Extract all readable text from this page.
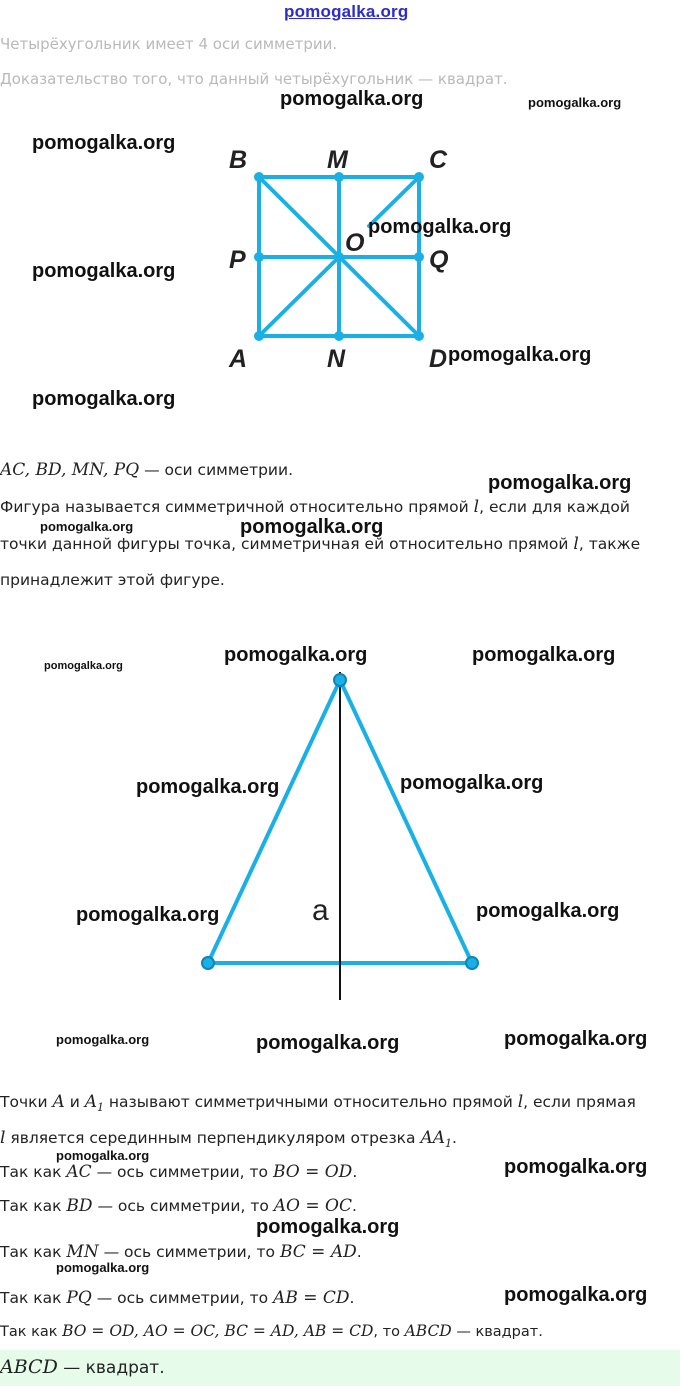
pomogalka.org
Четырёхугольник имеет 4 оси симметрии.
Доказательство того, что данный четырёхугольник — квадрат.
B	M	C
P
O
Q
A	N	D
AC, BD, MN, PQ — оси симметрии.
Фигура называется симметричной относительно прямой l, если для каждой
точки данной фигуры точка, симметричная ей относительно прямой l, также
принадлежит этой фигуре.
a
Точки A и $A_1$ называют симметричными относительно прямой l, если прямая
l является серединным перпендикуляром отрезка $AA_1$.
Так как AC — ось симметрии, то BO = OD.
Так как BD — ось симметрии, то AO = OC.
Так как MN — ось симметрии, то BC = AD.
Так как PQ — ось симметрии, то AB = CD.
Так как BO = OD, AO = OC, BC = AD, AB = CD, то ABCD — квадрат.
ABCD — квадрат.
pomogalka.org	pomogalka.org
pomogalka.org
pomogalka.org
pomogalka.org
pomogalka.org
pomogalka.org
pomogalka.org
pomogalka.org	pomogalka.org
pomogalka.org	pomogalka.org	pomogalka.org
pomogalka.org	pomogalka.org
pomogalka.org	pomogalka.org
pomogalka.org	pomogalka.org	pomogalka.org
pomogalka.org
pomogalka.org
pomogalka.org
pomogalka.org
pomogalka.org
